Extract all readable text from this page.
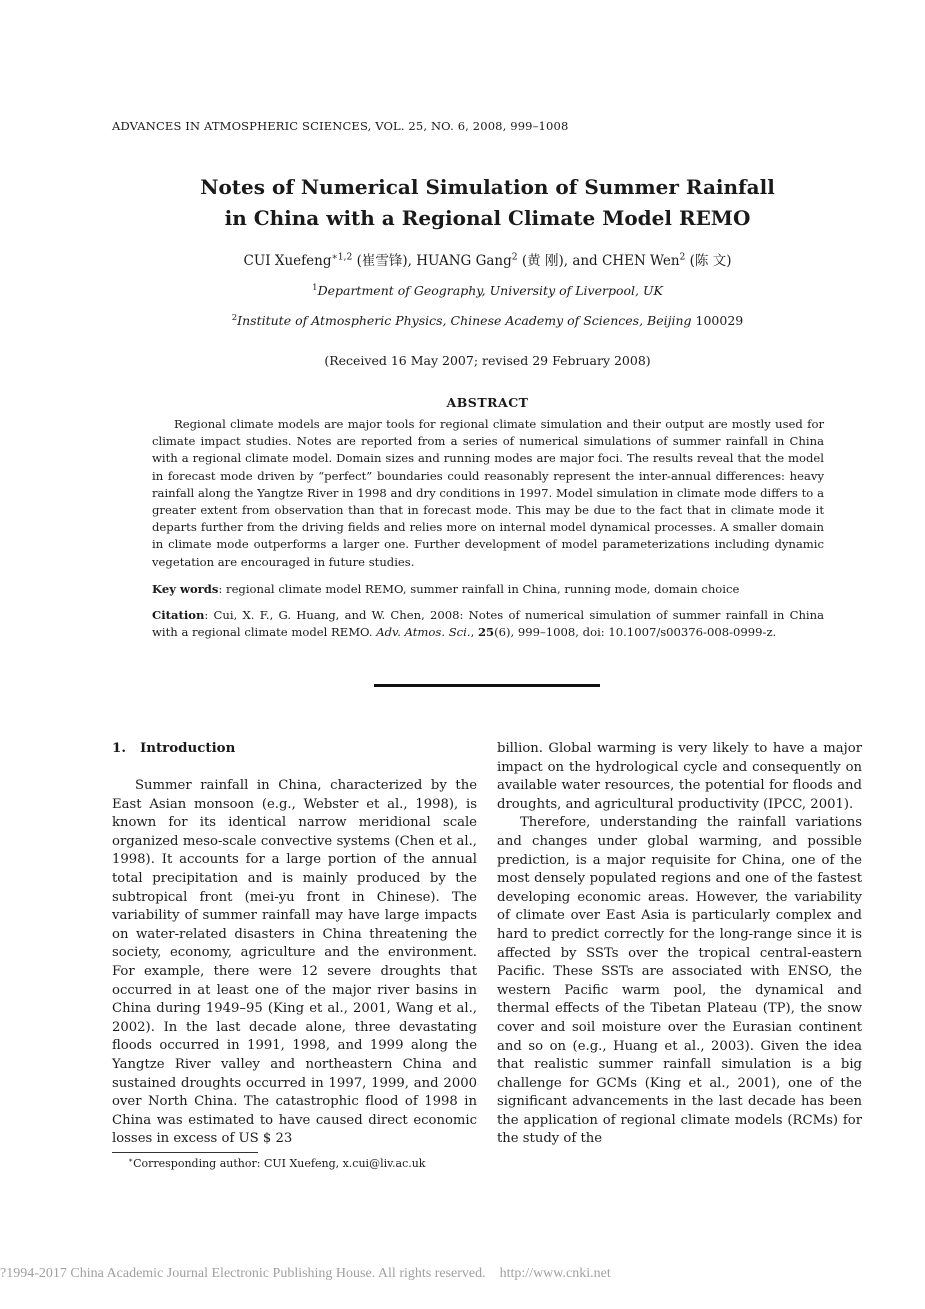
ADVANCES IN ATMOSPHERIC SCIENCES, VOL. 25, NO. 6, 2008, 999–1008
Notes of Numerical Simulation of Summer Rainfall
in China with a Regional Climate Model REMO
CUI Xuefeng$^{∗1,2}$ (崔雪锋), HUANG Gang$^2$ (黄 刚), and CHEN Wen$^2$ (陈 文)
$^1$Department of Geography, University of Liverpool, UK
$^2$Institute of Atmospheric Physics, Chinese Academy of Sciences, Beijing 100029
(Received 16 May 2007; revised 29 February 2008)
ABSTRACT
Regional climate models are major tools for regional climate simulation and their output are mostly used for climate impact studies. Notes are reported from a series of numerical simulations of summer rainfall in China with a regional climate model. Domain sizes and running modes are major foci. The results reveal that the model in forecast mode driven by “perfect” boundaries could reasonably represent the inter-annual differences: heavy rainfall along the Yangtze River in 1998 and dry conditions in 1997. Model simulation in climate mode differs to a greater extent from observation than that in forecast mode. This may be due to the fact that in climate mode it departs further from the driving fields and relies more on internal model dynamical processes. A smaller domain in climate mode outperforms a larger one. Further development of model parameterizations including dynamic vegetation are encouraged in future studies.
Key words: regional climate model REMO, summer rainfall in China, running mode, domain choice
Citation: Cui, X. F., G. Huang, and W. Chen, 2008: Notes of numerical simulation of summer rainfall in China with a regional climate model REMO. Adv. Atmos. Sci., 25(6), 999–1008, doi: 10.1007/s00376-008-0999-z.
1. Introduction

Summer rainfall in China, characterized by the East Asian monsoon (e.g., Webster et al., 1998), is known for its identical narrow meridional scale organized meso-scale convective systems (Chen et al., 1998). It accounts for a large portion of the annual total precipitation and is mainly produced by the subtropical front (mei-yu front in Chinese). The variability of summer rainfall may have large impacts on water-related disasters in China threatening the society, economy, agriculture and the environment. For example, there were 12 severe droughts that occurred in at least one of the major river basins in China during 1949–95 (King et al., 2001, Wang et al., 2002). In the last decade alone, three devastating floods occurred in 1991, 1998, and 1999 along the Yangtze River valley and northeastern China and sustained droughts occurred in 1997, 1999, and 2000 over North China. The catastrophic flood of 1998 in China was estimated to have caused direct economic losses in excess of US $ 23

billion. Global warming is very likely to have a major impact on the hydrological cycle and consequently on available water resources, the potential for floods and droughts, and agricultural productivity (IPCC, 2001).

Therefore, understanding the rainfall variations and changes under global warming, and possible prediction, is a major requisite for China, one of the most densely populated regions and one of the fastest developing economic areas. However, the variability of climate over East Asia is particularly complex and hard to predict correctly for the long-range since it is affected by SSTs over the tropical central-eastern Pacific. These SSTs are associated with ENSO, the western Pacific warm pool, the dynamical and thermal effects of the Tibetan Plateau (TP), the snow cover and soil moisture over the Eurasian continent and so on (e.g., Huang et al., 2003). Given the idea that realistic summer rainfall simulation is a big challenge for GCMs (King et al., 2001), one of the significant advancements in the last decade has been the application of regional climate models (RCMs) for the study of the

∗Corresponding author: CUI Xuefeng, x.cui@liv.ac.uk
?1994-2017 China Academic Journal Electronic Publishing House. All rights reserved.    http://www.cnki.net
